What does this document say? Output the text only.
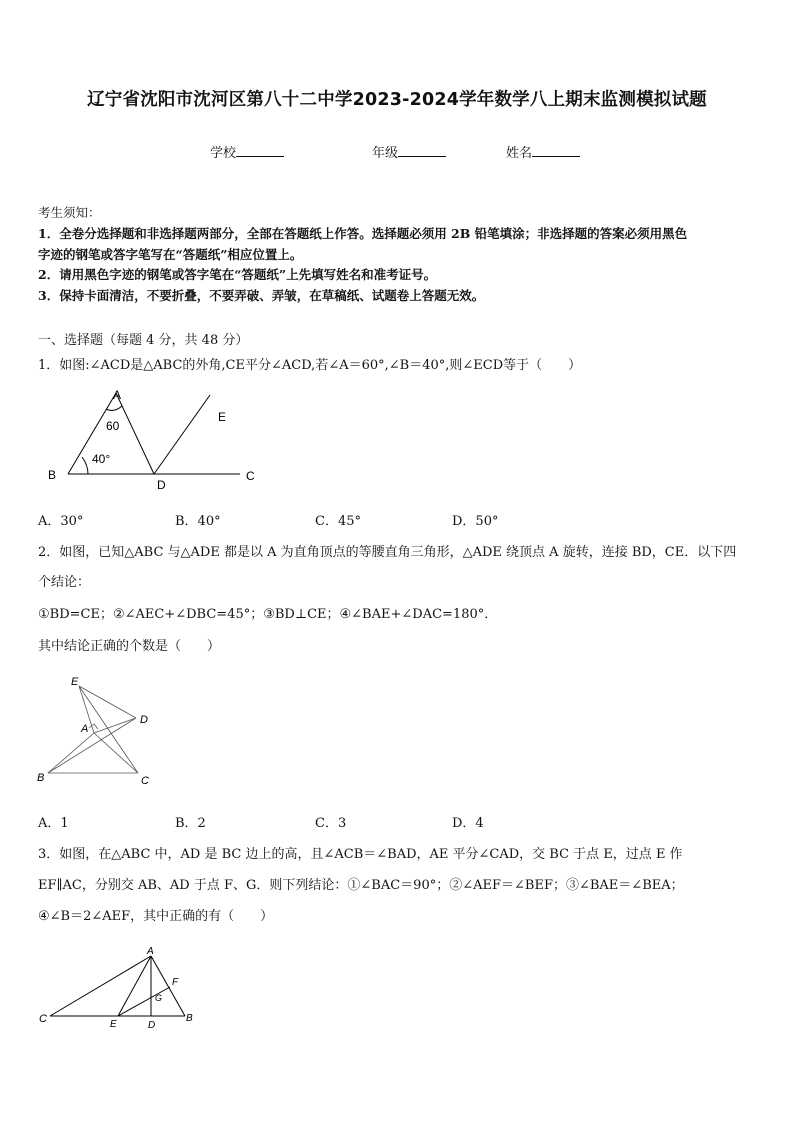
辽宁省沈阳市沈河区第八十二中学2023-2024学年数学八上期末监测模拟试题
学校	年级	姓名
考生须知：
1．全卷分选择题和非选择题两部分，全部在答题纸上作答。选择题必须用 2B 铅笔填涂；非选择题的答案必须用黑色
字迹的钢笔或答字笔写在“答题纸”相应位置上。
2．请用黑色字迹的钢笔或答字笔在“答题纸”上先填写姓名和准考证号。
3．保持卡面清洁，不要折叠，不要弄破、弄皱，在草稿纸、试题卷上答题无效。
一、选择题（每题 4 分，共 48 分）
1．如图:∠ACD是△ABC的外角,CE平分∠ACD,若∠A＝60°,∠B＝40°,则∠ECD等于（　　）
A
60
40°
B
D
C
E
A．30°	B．40°	C．45°	D．50°
2．如图，已知△ABC 与△ADE 都是以 A 为直角顶点的等腰直角三角形，△ADE 绕顶点 A 旋转，连接 BD，CE．以下四
个结论：
①BD=CE；②∠AEC+∠DBC=45°；③BD⊥CE；④∠BAE+∠DAC=180°．
其中结论正确的个数是（　　）
E
A
D
B	C
A．1	B．2	C．3	D．4
3．如图，在△ABC 中，AD 是 BC 边上的高，且∠ACB＝∠BAD，AE 平分∠CAD，交 BC 于点 E，过点 E 作
EF∥AC，分别交 AB、AD 于点 F、G．则下列结论：①∠BAC＝90°；②∠AEF＝∠BEF；③∠BAE＝∠BEA；
④∠B＝2∠AEF，其中正确的有（　　）
A
C	E	D
B
F
G
